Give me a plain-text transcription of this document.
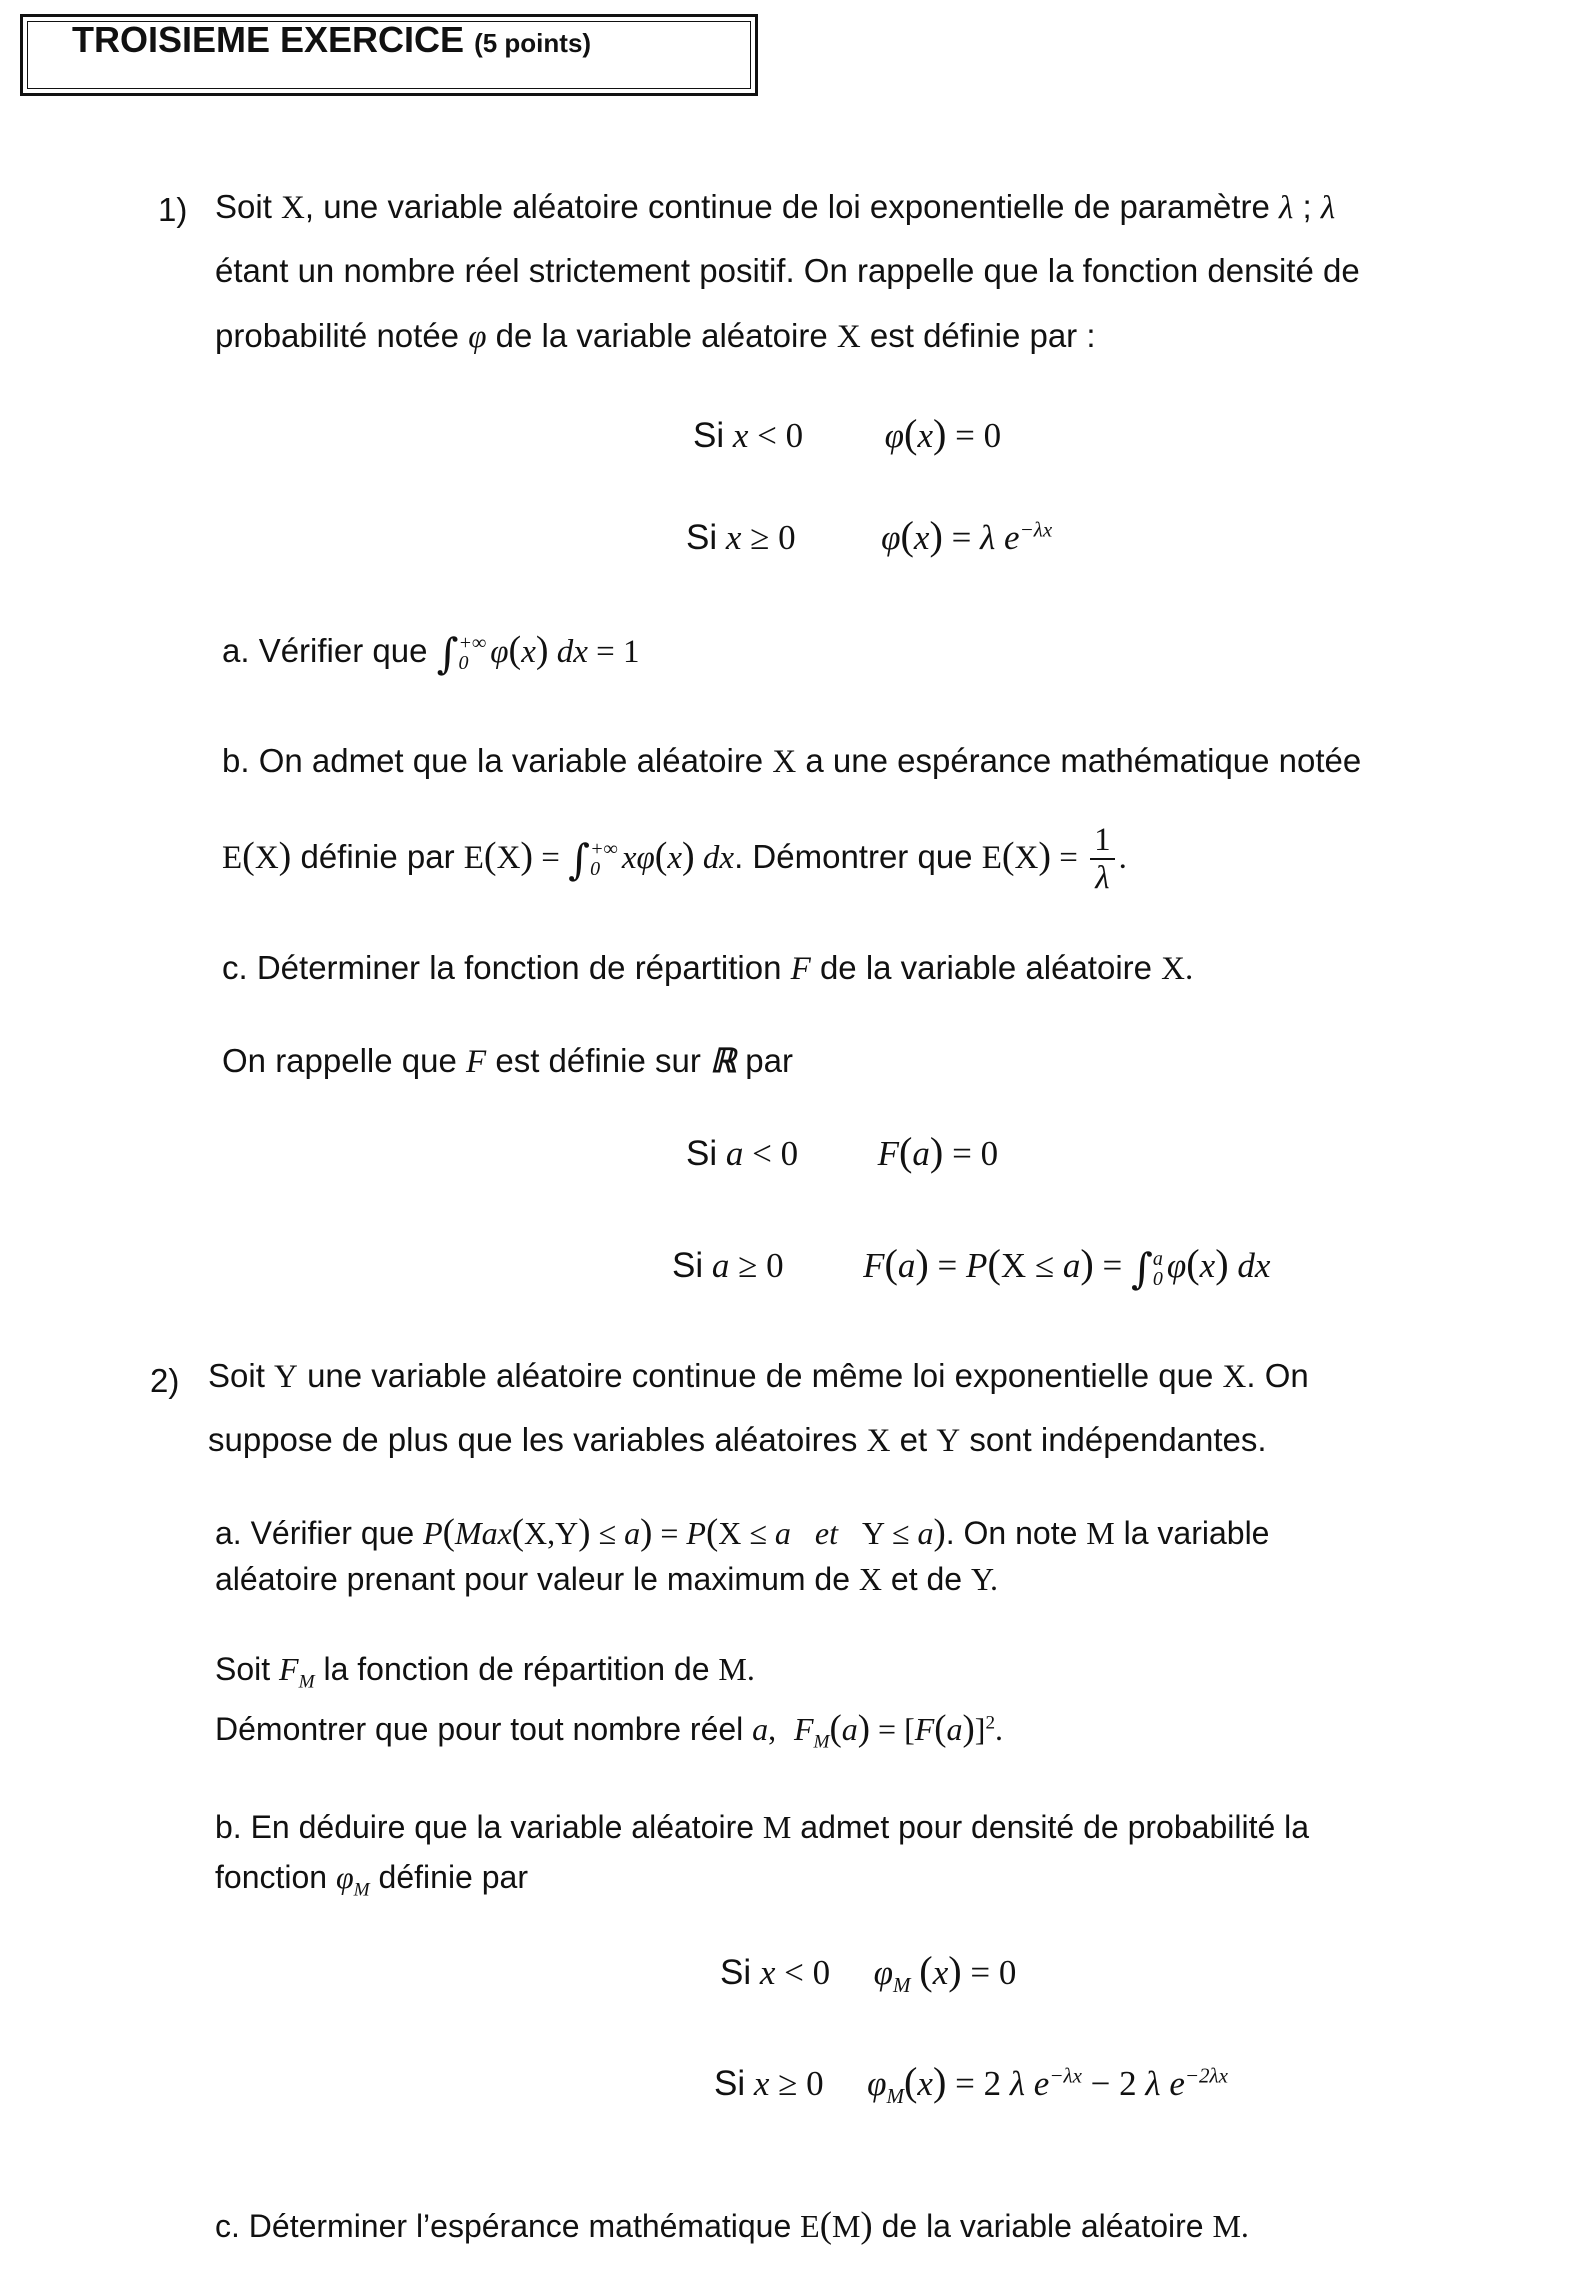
TROISIEME EXERCICE (5 points)
1) Soit X, une variable aléatoire continue de loi exponentielle de paramètre λ ; λ
étant un nombre réel strictement positif. On rappelle que la fonction densité de
probabilité notée φ de la variable aléatoire X est définie par :
Si x < 0 φ(x) = 0
Si x ≥ 0 φ(x) = λ $e^{-\lambda x}$
a. Vérifier que ∫ +∞
0 φ(x) dx = 1
b. On admet que la variable aléatoire X a une espérance mathématique notée
E(X) définie par E(X) = ∫ +∞
0 xφ(x) dx. Démontrer que $E(X) = \frac{1}{\lambda}$ .
c. Déterminer la fonction de répartition F de la variable aléatoire X.
On rappelle que F est définie sur ℝ par
Si a < 0 F(a) = 0
Si a ≥ 0 F(a) = P(X ≤ a) = ∫ a
0 φ(x) dx
2) Soit Y une variable aléatoire continue de même loi exponentielle que X. On
suppose de plus que les variables aléatoires X et Y sont indépendantes.
a. Vérifier que P(Max(X,Y) ≤ a) = P(X ≤ a   et   Y ≤ a). On note M la variable
aléatoire prenant pour valeur le maximum de X et de Y.
Soit $F_M$ la fonction de répartition de M.
Démontrer que pour tout nombre réel a, $F_M(a) = [F(a)]^2$.
b. En déduire que la variable aléatoire M admet pour densité de probabilité la
fonction $\varphi_M$ définie par
Si x < 0 $\varphi_M$ (x) = 0
Si x ≥ 0 $\varphi_M(x) = 2$ λ $e^{-\lambda x} - 2$ λ $e^{-2\lambda x}$
c. Déterminer l’espérance mathématique E(M) de la variable aléatoire M.
